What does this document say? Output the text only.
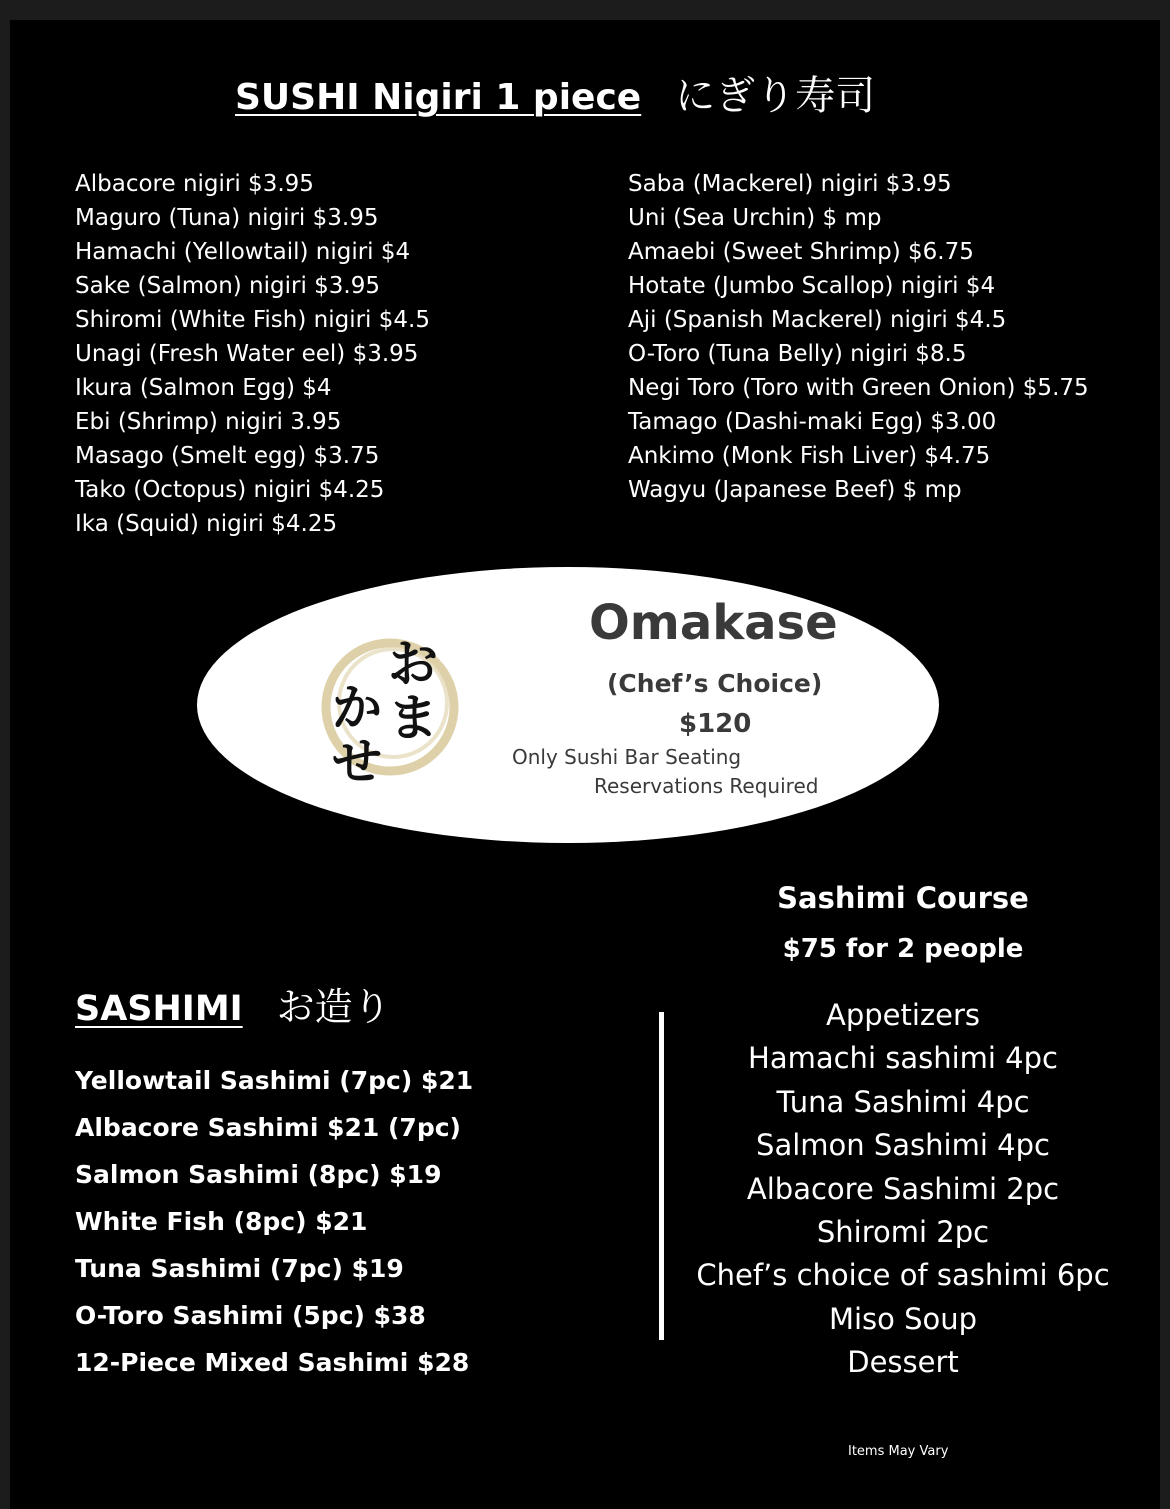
SUSHI Nigiri 1 piece にぎり寿司
Albacore nigiri $3.95
Maguro (Tuna) nigiri $3.95
Hamachi (Yellowtail) nigiri $4
Sake (Salmon) nigiri $3.95
Shiromi (White Fish) nigiri $4.5
Unagi (Fresh Water eel) $3.95
Ikura (Salmon Egg) $4
Ebi (Shrimp) nigiri 3.95
Masago (Smelt egg) $3.75
Tako (Octopus) nigiri $4.25
Ika (Squid) nigiri $4.25
Saba (Mackerel) nigiri $3.95
Uni (Sea Urchin) $ mp
Amaebi (Sweet Shrimp) $6.75
Hotate (Jumbo Scallop) nigiri $4
Aji (Spanish Mackerel) nigiri $4.5
O-Toro (Tuna Belly) nigiri $8.5
Negi Toro (Toro with Green Onion) $5.75
Tamago (Dashi-maki Egg) $3.00
Ankimo (Monk Fish Liver) $4.75
Wagyu (Japanese Beef) $ mp
お
ま
か
せ
Omakase
(Chef’s Choice)
$120
Only Sushi Bar Seating
Reservations Required
SASHIMI お造り
Yellowtail Sashimi (7pc) $21
Albacore Sashimi $21 (7pc)
Salmon Sashimi (8pc) $19
White Fish (8pc) $21
Tuna Sashimi (7pc) $19
O-Toro Sashimi (5pc) $38
12-Piece Mixed Sashimi $28
Sashimi Course
$75 for 2 people
Appetizers
Hamachi sashimi 4pc
Tuna Sashimi 4pc
Salmon Sashimi 4pc
Albacore Sashimi 2pc
Shiromi 2pc
Chef’s choice of sashimi 6pc
Miso Soup
Dessert
Items May Vary
